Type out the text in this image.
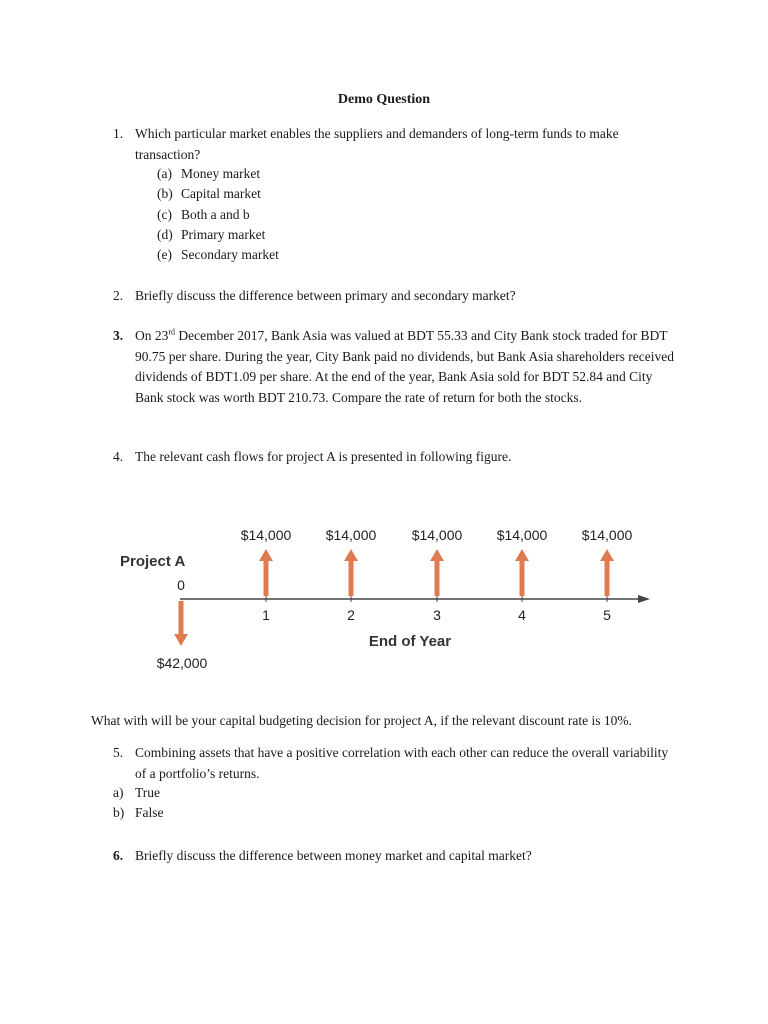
Demo Question
1. Which particular market enables the suppliers and demanders of long-term funds to make transaction?
(a) Money market
(b) Capital market
(c) Both a and b
(d) Primary market
(e) Secondary market
2. Briefly discuss the difference between primary and secondary market?
3. On 23rd December 2017, Bank Asia was valued at BDT 55.33 and City Bank stock traded for BDT 90.75 per share. During the year, City Bank paid no dividends, but Bank Asia shareholders received dividends of BDT1.09 per share. At the end of the year, Bank Asia sold for BDT 52.84 and City Bank stock was worth BDT 210.73. Compare the rate of return for both the stocks.
4. The relevant cash flows for project A is presented in following figure.
Project A
0
1	2	3	4	5
End of Year
$14,000 $14,000	$14,000 $14,000 $14,000
$42,000
What with will be your capital budgeting decision for project A, if the relevant discount rate is 10%.
5. Combining assets that have a positive correlation with each other can reduce the overall variability of a portfolio’s returns.
a) True
b) False
6. Briefly discuss the difference between money market and capital market?
